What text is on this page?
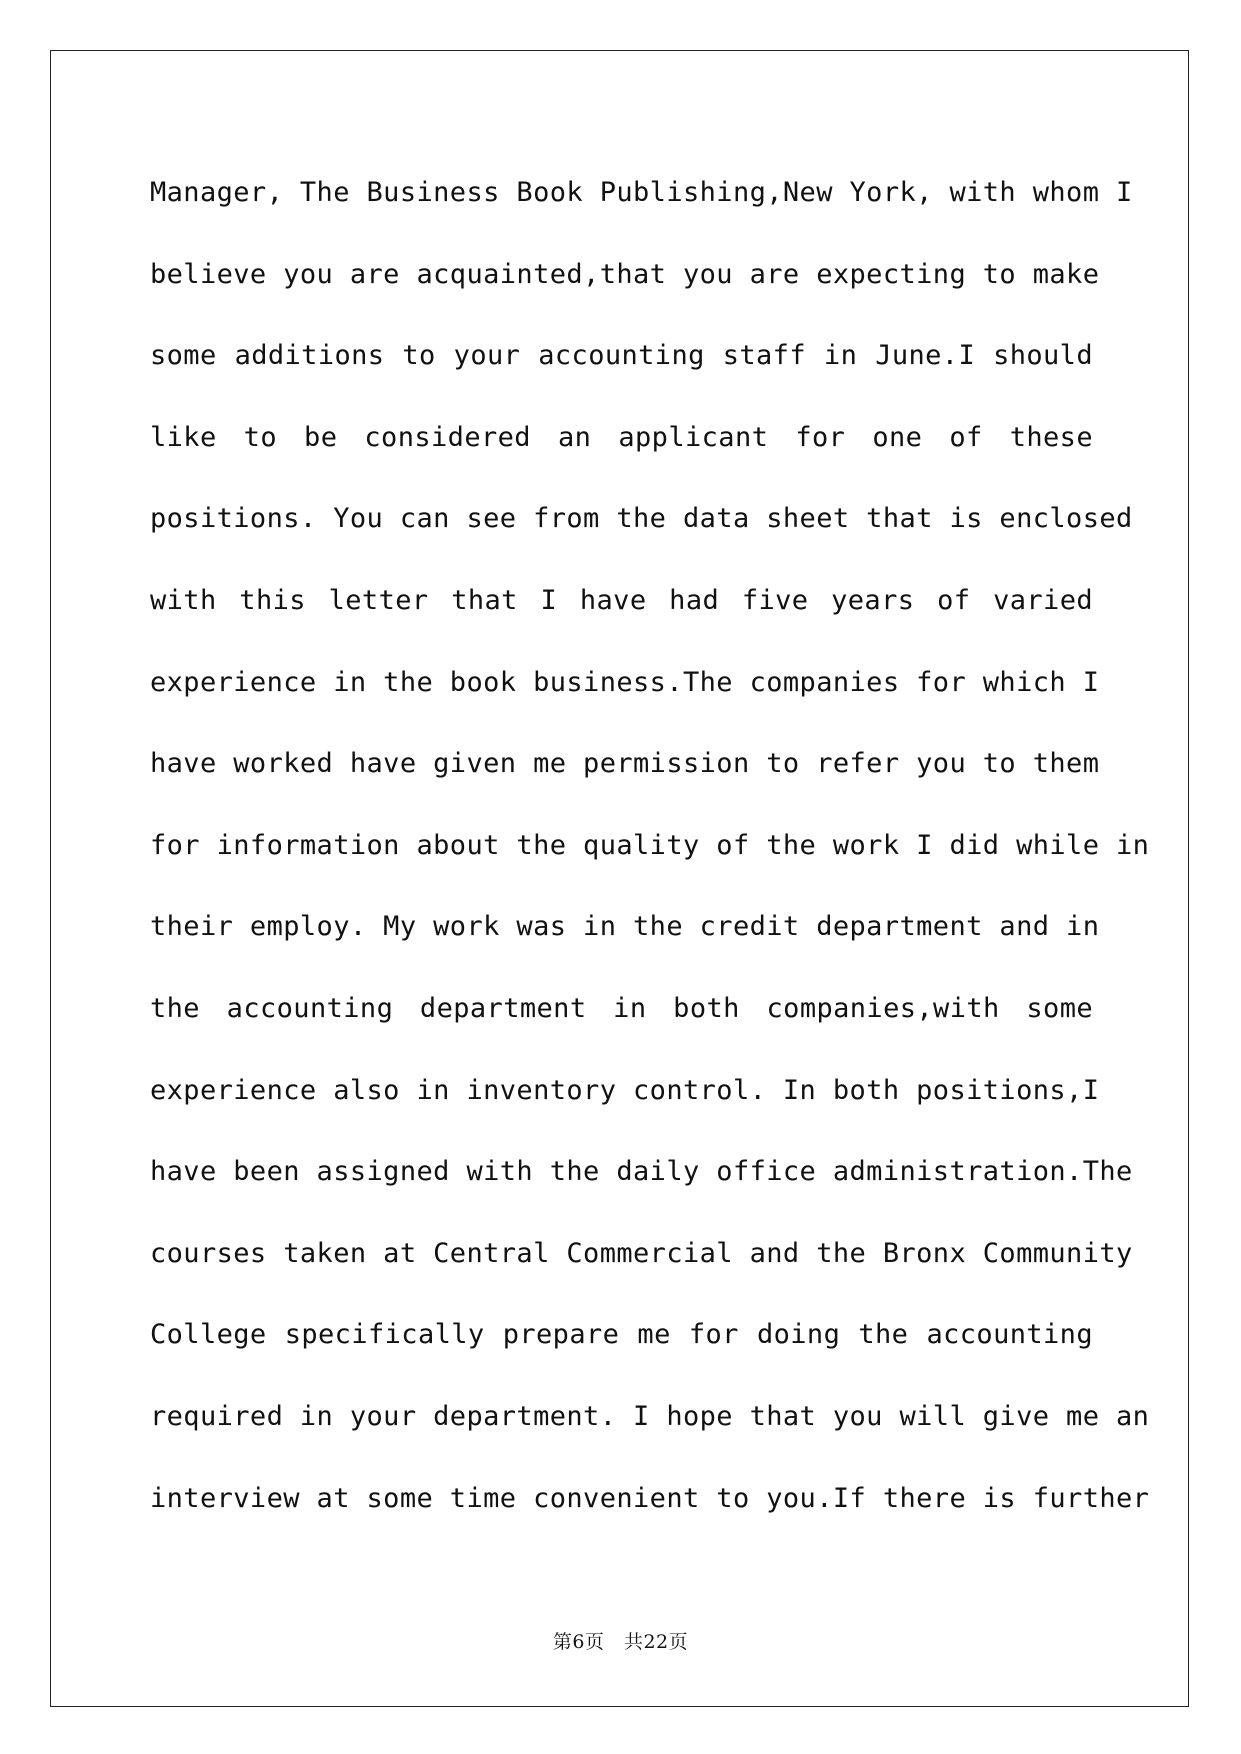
Manager, The Business Book Publishing,New York, with whom I
believe you are acquainted,that you are expecting to make
some additions to your accounting staff in June.I should
like to be considered an applicant for one of these
positions. You can see from the data sheet that is enclosed
with this letter that I have had five years of varied
experience in the book business.The companies for which I
have worked have given me permission to refer you to them
for information about the quality of the work I did while in
their employ. My work was in the credit department and in
the accounting department in both companies,with some
experience also in inventory control. In both positions,I
have been assigned with the daily office administration.The
courses taken at Central Commercial and the Bronx Community
College specifically prepare me for doing the accounting
required in your department. I hope that you will give me an
interview at some time convenient to you.If there is further
第6页　共22页
